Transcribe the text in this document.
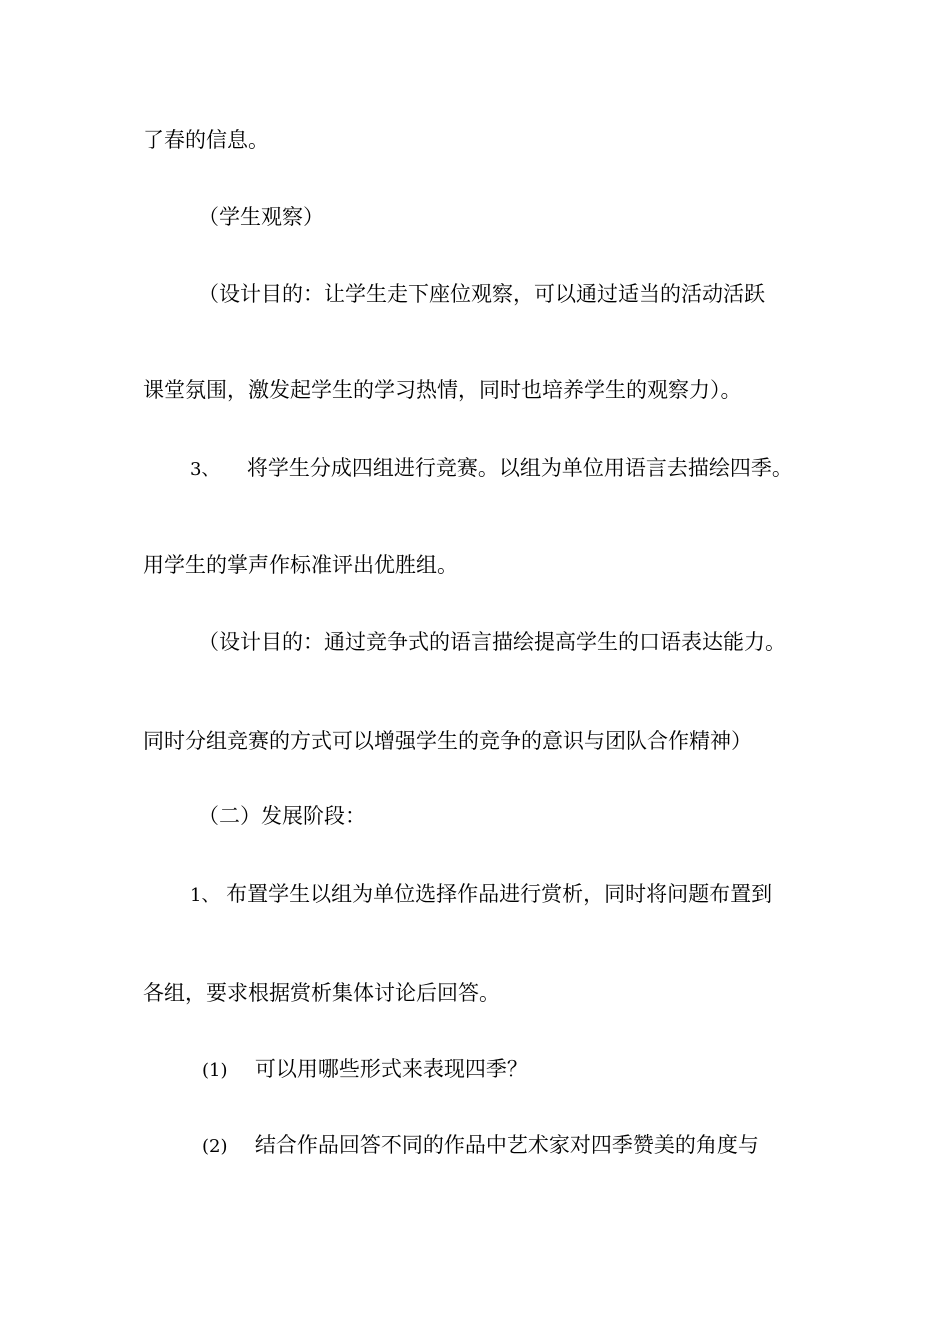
了春的信息。
（学生观察）
（设计目的：让学生走下座位观察，可以通过适当的活动活跃
课堂氛围，激发起学生的学习热情，同时也培养学生的观察力）。
3、 将学生分成四组进行竞赛。以组为单位用语言去描绘四季。
用学生的掌声作标准评出优胜组。
（设计目的：通过竞争式的语言描绘提高学生的口语表达能力。
同时分组竞赛的方式可以增强学生的竞争的意识与团队合作精神）
（二）发展阶段：
1、 布置学生以组为单位选择作品进行赏析，同时将问题布置到
各组，要求根据赏析集体讨论后回答。
(1) 可以用哪些形式来表现四季？
(2) 结合作品回答不同的作品中艺术家对四季赞美的角度与
